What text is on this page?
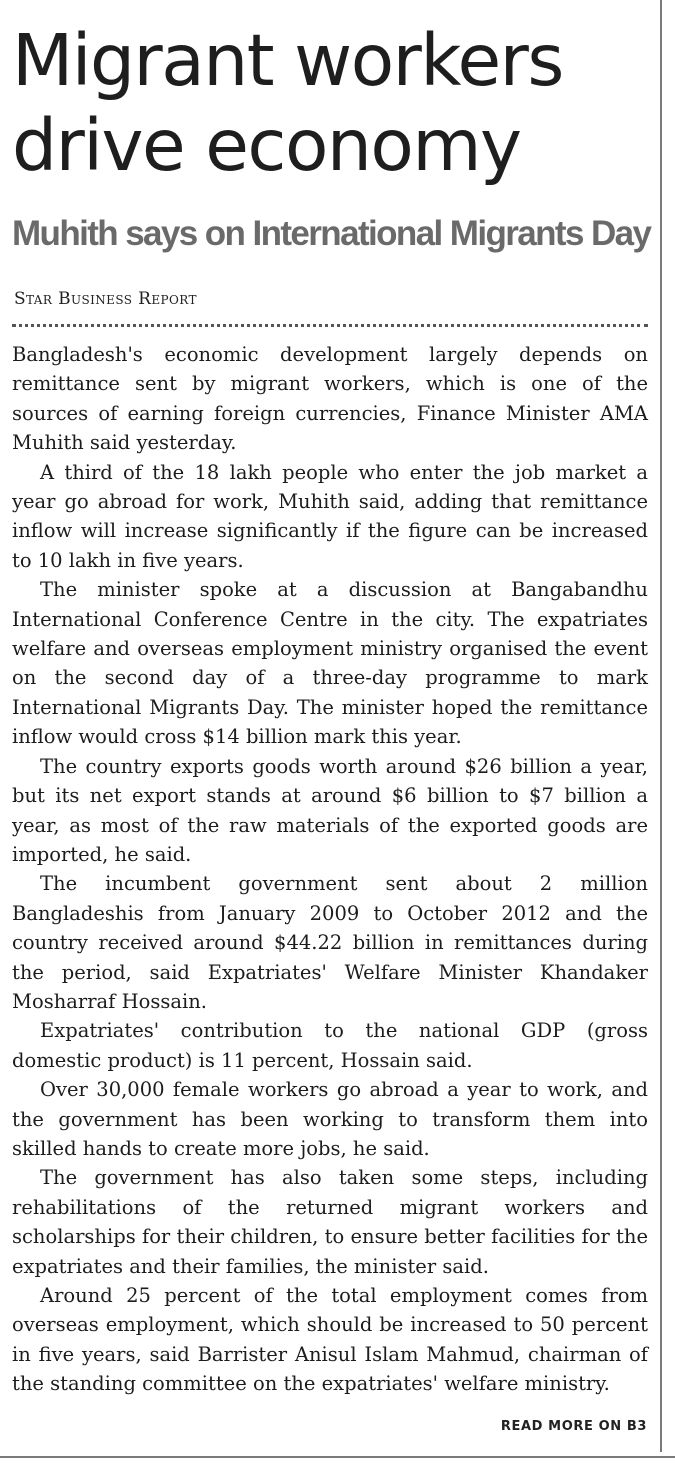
Migrant workers drive economy
Muhith says on International Migrants Day
Star Business Report

Bangladesh's economic development largely depends on remittance sent by migrant workers, which is one of the sources of earning foreign currencies, Finance Minister AMA Muhith said yesterday.

A third of the 18 lakh people who enter the job market a year go abroad for work, Muhith said, adding that remittance inflow will increase significantly if the figure can be increased to 10 lakh in five years.

The minister spoke at a discussion at Bangabandhu International Conference Centre in the city. The expatriates welfare and overseas employment ministry organised the event on the second day of a three-day programme to mark International Migrants Day. The minister hoped the remittance inflow would cross $14 billion mark this year.

The country exports goods worth around $26 billion a year, but its net export stands at around $6 billion to $7 billion a year, as most of the raw materials of the exported goods are imported, he said.

The incumbent government sent about 2 million Bangladeshis from January 2009 to October 2012 and the country received around $44.22 billion in remittances during the period, said Expatriates' Welfare Minister Khandaker Mosharraf Hossain.

Expatriates' contribution to the national GDP (gross domestic product) is 11 percent, Hossain said.

Over 30,000 female workers go abroad a year to work, and the government has been working to transform them into skilled hands to create more jobs, he said.

The government has also taken some steps, including rehabilitations of the returned migrant workers and scholarships for their children, to ensure better facilities for the expatriates and their families, the minister said.

Around 25 percent of the total employment comes from overseas employment, which should be increased to 50 percent in five years, said Barrister Anisul Islam Mahmud, chairman of the standing committee on the expatriates' welfare ministry.

READ MORE ON B3
